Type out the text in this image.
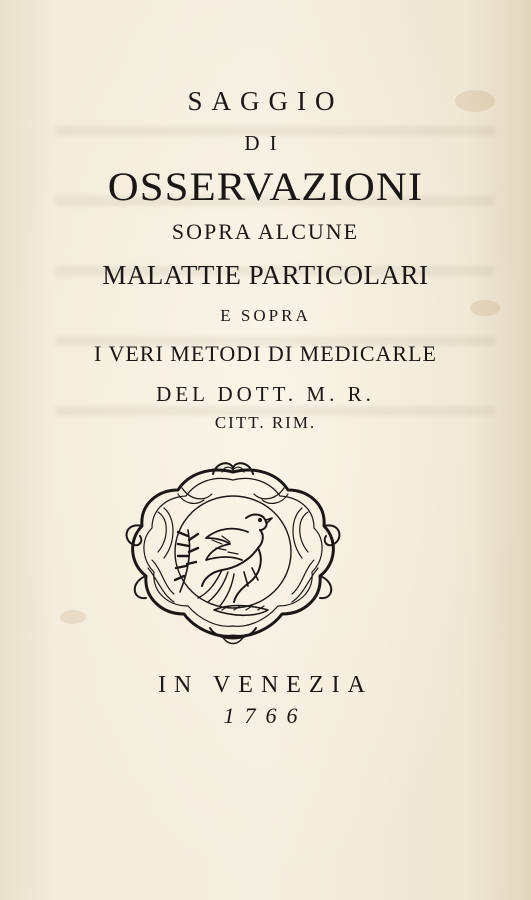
SAGGIO
DI
OSSERVAZIONI
SOPRA ALCUNE
MALATTIE PARTICOLARI
E SOPRA
I VERI METODI DI MEDICARLE
DEL DOTT. M. R.
CITT. RIM.
IN VENEZIA
1766
